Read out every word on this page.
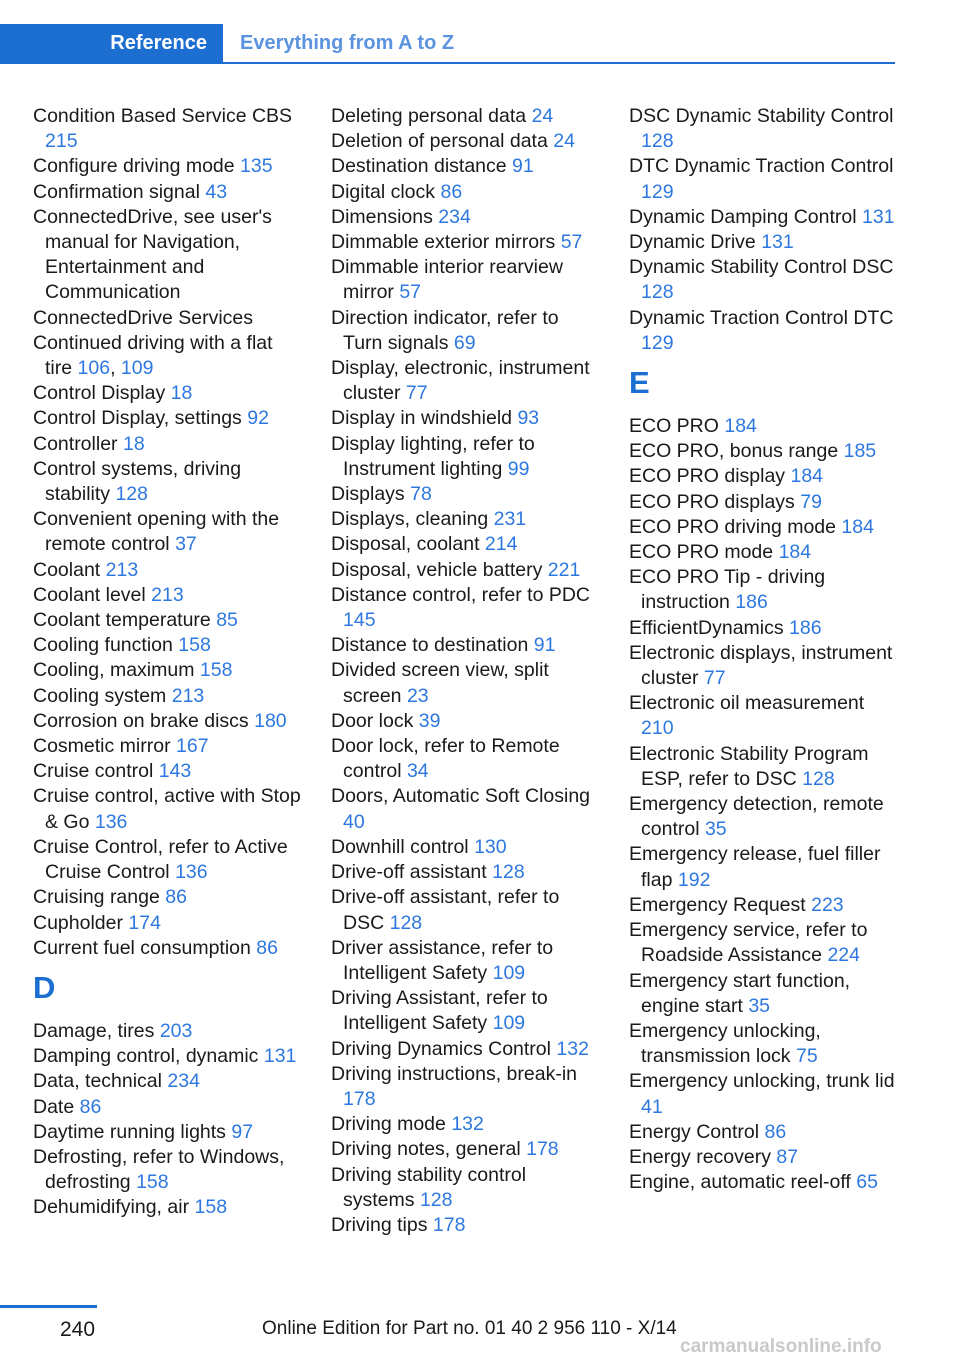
Reference	Everything from A to Z

Condition Based Service CBS 215

Configure driving mode 135

Confirmation signal 43

ConnectedDrive, see user's manual for Navigation, Entertainment and Communication

ConnectedDrive Services

Continued driving with a flat tire 106, 109

Control Display 18

Control Display, settings 92

Controller 18

Control systems, driving stability 128

Convenient opening with the remote control 37

Coolant 213

Coolant level 213

Coolant temperature 85

Cooling function 158

Cooling, maximum 158

Cooling system 213

Corrosion on brake discs 180

Cosmetic mirror 167

Cruise control 143

Cruise control, active with Stop & Go 136

Cruise Control, refer to Active Cruise Control 136

Cruising range 86

Cupholder 174

Current fuel consumption 86

D

Damage, tires 203

Damping control, dynamic 131

Data, technical 234

Date 86

Daytime running lights 97

Defrosting, refer to Windows, defrosting 158

Dehumidifying, air 158

Deleting personal data 24

Deletion of personal data 24

Destination distance 91

Digital clock 86

Dimensions 234

Dimmable exterior mirrors 57

Dimmable interior rearview mirror 57

Direction indicator, refer to Turn signals 69

Display, electronic, instrument cluster 77

Display in windshield 93

Display lighting, refer to Instrument lighting 99

Displays 78

Displays, cleaning 231

Disposal, coolant 214

Disposal, vehicle battery 221

Distance control, refer to PDC 145

Distance to destination 91

Divided screen view, split screen 23

Door lock 39

Door lock, refer to Remote control 34

Doors, Automatic Soft Closing 40

Downhill control 130

Drive-off assistant 128

Drive-off assistant, refer to DSC 128

Driver assistance, refer to Intelligent Safety 109

Driving Assistant, refer to Intelligent Safety 109

Driving Dynamics Control 132

Driving instructions, break-in 178

Driving mode 132

Driving notes, general 178

Driving stability control systems 128

Driving tips 178

DSC Dynamic Stability Control 128

DTC Dynamic Traction Control 129

Dynamic Damping Control 131

Dynamic Drive 131

Dynamic Stability Control DSC 128

Dynamic Traction Control DTC 129

E

ECO PRO 184

ECO PRO, bonus range 185

ECO PRO display 184

ECO PRO displays 79

ECO PRO driving mode 184

ECO PRO mode 184

ECO PRO Tip - driving instruction 186

EfficientDynamics 186

Electronic displays, instrument cluster 77

Electronic oil measurement 210

Electronic Stability Program ESP, refer to DSC 128

Emergency detection, remote control 35

Emergency release, fuel filler flap 192

Emergency Request 223

Emergency service, refer to Roadside Assistance 224

Emergency start function, engine start 35

Emergency unlocking, transmission lock 75

Emergency unlocking, trunk lid 41

Energy Control 86

Energy recovery 87

Engine, automatic reel-off 65

240	Online Edition for Part no. 01 40 2 956 110 - X/14
carmanualsonline.info
